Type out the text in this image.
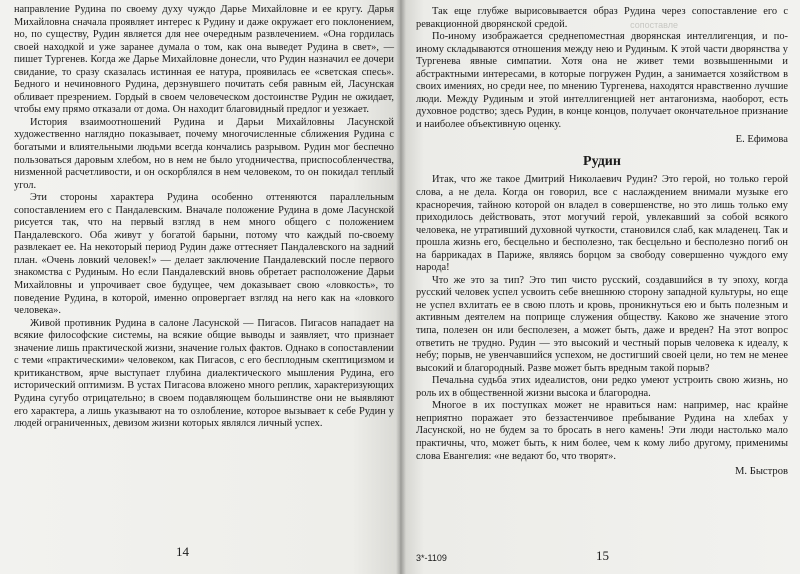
направление Рудина по своему духу чуждо Дарье Михайловне и ее кругу. Дарья Михайловна сначала проявляет интерес к Рудину и даже окружает его поклонением, но, по существу, Рудин является для нее очередным развлечением. «Она гордилась своей находкой и уже заранее думала о том, как она выведет Рудина в свет», — пишет Тургенев. Когда же Дарье Михайловне донесли, что Рудин назначил ее дочери свидание, то сразу сказалась истинная ее натура, проявилась ее «светская спесь». Бедного и нечиновного Рудина, дерзнувшего почитать себя равным ей, Ласунская обливает презрением. Гордый в своем человеческом достоинстве Рудин не ожидает, чтобы ему прямо отказали от дома. Он находит благовидный предлог и уезжает.

История взаимоотношений Рудина и Дарьи Михайловны Ласунской художественно наглядно показывает, почему многочисленные сближения Рудина с богатыми и влиятельными людьми всегда кончались разрывом. Рудин мог беспечно пользоваться даровым хлебом, но в нем не было угодничества, приспособленчества, низменной расчетливости, и он оскорблялся в нем человеком, то он покидал теплый угол.

Эти стороны характера Рудина особенно оттеняются параллельным сопоставлением его с Пандалевским. Вначале положение Рудина в доме Ласунской рисуется так, что на первый взгляд в нем много общего с положением Пандалевского. Оба живут у богатой барыни, потому что каждый по-своему развлекает ее. На некоторый период Рудин даже оттесняет Пандалевского на задний план. «Очень ловкий человек!» — делает заключение Пандалевский после первого знакомства с Рудиным. Но если Пандалевский вновь обретает расположение Дарьи Михайловны и упрочивает свое будущее, чем доказывает свою «ловкость», то поведение Рудина, в которой, именно опровергает взгляд на него как на «ловкого человека».

Живой противник Рудина в салоне Ласунской — Пигасов. Пигасов нападает на всякие философские системы, на всякие общие выводы и заявляет, что признает значение лишь практической жизни, значение голых фактов. Однако в сопоставлении с теми «практическими» человеком, как Пигасов, с его бесплодным скептицизмом и критиканством, ярче выступает глубина диалектического мышления Рудина, его исторический оптимизм. В устах Пигасова вложено много реплик, характеризующих Рудина сугубо отрицательно; в своем подавляющем большинстве они не выявляют его характера, а лишь указывают на то озлобление, которое вызывает к себе Рудин у людей ограниченных, девизом жизни которых являлся личный успех.

14
сопоставле

Так еще глубже вырисовывается образ Рудина через сопоставление его с ревакционной дворянской средой.

По-иному изображается среднепоместная дворянская интеллигенция, и по-иному складываются отношения между нею и Рудиным. К этой части дворянства у Тургенева явные симпатии. Хотя она не живет теми возвышенными и абстрактными интересами, в которые погружен Рудин, а занимается хозяйством в своих имениях, но среди нее, по мнению Тургенева, находятся нравственно лучшие люди. Между Рудиным и этой интеллигенцией нет антагонизма, наоборот, есть духовное родство; здесь Рудин, в конце концов, получает окончательное признание и наиболее объективную оценку.

Е. Ефимова
Рудин

Итак, что же такое Дмитрий Николаевич Рудин? Это герой, но только герой слова, а не дела. Когда он говорил, все с наслаждением внимали музыке его красноречия, тайною которой он владел в совершенстве, но это лишь только ему приходилось действовать, этот могучий герой, увлекавший за собой всякого человека, не утративший духовной чуткости, становился слаб, как младенец. Так и прошла жизнь его, бесцельно и бесполезно, так бесцельно и бесполезно погиб он на баррикадах в Париже, являясь борцом за свободу совершенно чуждого ему народа!

Что же это за тип? Это тип чисто русский, создавшийся в ту эпоху, когда русский человек успел усвоить себе внешнюю сторону западной культуры, но еще не успел вхлитать ее в свою плоть и кровь, проникнуться ею и быть полезным и активным деятелем на поприще служения обществу. Каково же значение этого типа, полезен он или бесполезен, а может быть, даже и вреден? На этот вопрос ответить не трудно. Рудин — это высокий и честный порыв человека к идеалу, к небу; порыв, не увенчавшийся успехом, не достигший своей цели, но тем не менее высокий и благородный. Разве может быть вредным такой порыв?

Печальна судьба этих идеалистов, они редко умеют устроить свою жизнь, но роль их в общественной жизни высока и благородна.

Многое в их поступках может не нравиться нам: например, нас крайне неприятно поражает это беззастенчивое пребывание Рудина на хлебах у Ласунской, но не будем за то бросать в него камень! Эти люди настолько мало практичны, что, может быть, к ним более, чем к кому либо другому, применимы слова Евангелия: «не ведают бо, что творят».

М. Быстров
3*-1109	15
